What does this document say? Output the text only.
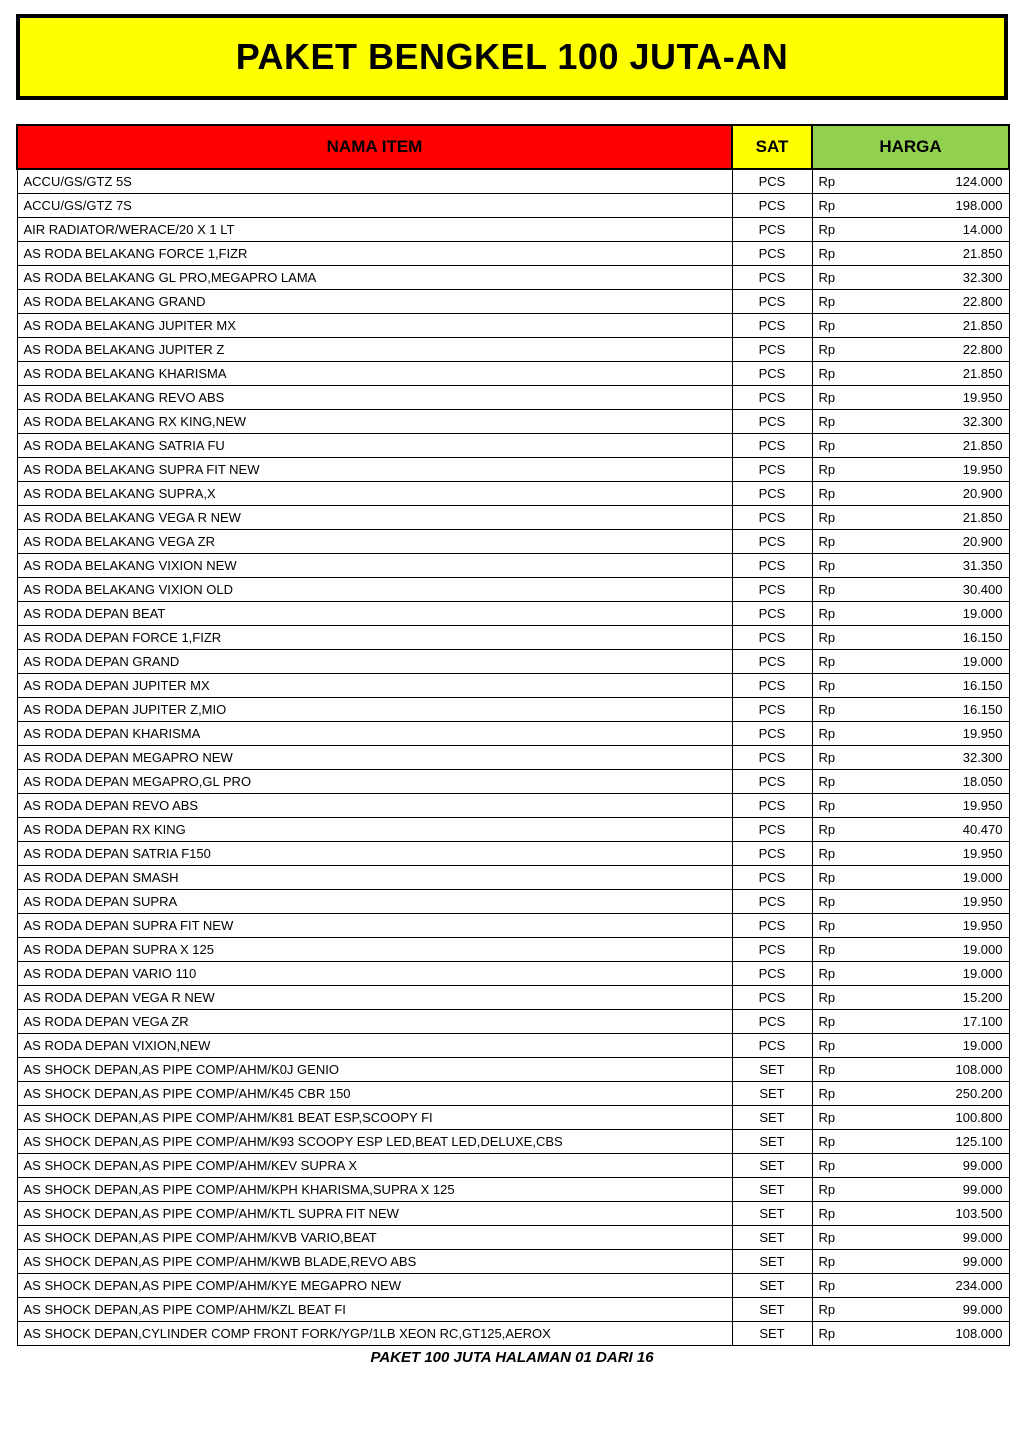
PAKET BENGKEL 100 JUTA-AN
NAMA ITEM	SAT	HARGA
ACCU/GS/GTZ 5S	PCS	Rp 124.000

ACCU/GS/GTZ 7S	PCS	Rp 198.000

AIR RADIATOR/WERACE/20 X 1 LT	PCS	Rp 14.000

AS RODA BELAKANG FORCE 1,FIZR	PCS	Rp 21.850

AS RODA BELAKANG GL PRO,MEGAPRO LAMA	PCS	Rp 32.300

AS RODA BELAKANG GRAND	PCS	Rp 22.800

AS RODA BELAKANG JUPITER MX	PCS	Rp 21.850

AS RODA BELAKANG JUPITER Z	PCS	Rp 22.800

AS RODA BELAKANG KHARISMA	PCS	Rp 21.850

AS RODA BELAKANG REVO ABS	PCS	Rp 19.950

AS RODA BELAKANG RX KING,NEW	PCS	Rp 32.300

AS RODA BELAKANG SATRIA FU	PCS	Rp 21.850

AS RODA BELAKANG SUPRA FIT NEW	PCS	Rp 19.950

AS RODA BELAKANG SUPRA,X	PCS	Rp 20.900

AS RODA BELAKANG VEGA R NEW	PCS	Rp 21.850

AS RODA BELAKANG VEGA ZR	PCS	Rp 20.900

AS RODA BELAKANG VIXION NEW	PCS	Rp 31.350

AS RODA BELAKANG VIXION OLD	PCS	Rp 30.400

AS RODA DEPAN BEAT	PCS	Rp 19.000

AS RODA DEPAN FORCE 1,FIZR	PCS	Rp 16.150

AS RODA DEPAN GRAND	PCS	Rp 19.000

AS RODA DEPAN JUPITER MX	PCS	Rp 16.150

AS RODA DEPAN JUPITER Z,MIO	PCS	Rp 16.150

AS RODA DEPAN KHARISMA	PCS	Rp 19.950

AS RODA DEPAN MEGAPRO NEW	PCS	Rp 32.300

AS RODA DEPAN MEGAPRO,GL PRO	PCS	Rp 18.050

AS RODA DEPAN REVO ABS	PCS	Rp 19.950

AS RODA DEPAN RX KING	PCS	Rp 40.470

AS RODA DEPAN SATRIA F150	PCS	Rp 19.950

AS RODA DEPAN SMASH	PCS	Rp 19.000

AS RODA DEPAN SUPRA	PCS	Rp 19.950

AS RODA DEPAN SUPRA FIT NEW	PCS	Rp 19.950

AS RODA DEPAN SUPRA X 125	PCS	Rp 19.000

AS RODA DEPAN VARIO 110	PCS	Rp 19.000

AS RODA DEPAN VEGA R NEW	PCS	Rp 15.200

AS RODA DEPAN VEGA ZR	PCS	Rp 17.100

AS RODA DEPAN VIXION,NEW	PCS	Rp 19.000

AS SHOCK DEPAN,AS PIPE COMP/AHM/K0J GENIO	SET	Rp 108.000

AS SHOCK DEPAN,AS PIPE COMP/AHM/K45 CBR 150	SET	Rp 250.200

AS SHOCK DEPAN,AS PIPE COMP/AHM/K81 BEAT ESP,SCOOPY FI	SET	Rp 100.800

AS SHOCK DEPAN,AS PIPE COMP/AHM/K93 SCOOPY ESP LED,BEAT LED,DELUXE,CBS	SET	Rp 125.100

AS SHOCK DEPAN,AS PIPE COMP/AHM/KEV SUPRA X	SET	Rp 99.000

AS SHOCK DEPAN,AS PIPE COMP/AHM/KPH KHARISMA,SUPRA X 125	SET	Rp 99.000

AS SHOCK DEPAN,AS PIPE COMP/AHM/KTL SUPRA FIT NEW	SET	Rp 103.500

AS SHOCK DEPAN,AS PIPE COMP/AHM/KVB VARIO,BEAT	SET	Rp 99.000

AS SHOCK DEPAN,AS PIPE COMP/AHM/KWB BLADE,REVO ABS	SET	Rp 99.000

AS SHOCK DEPAN,AS PIPE COMP/AHM/KYE MEGAPRO NEW	SET	Rp 234.000

AS SHOCK DEPAN,AS PIPE COMP/AHM/KZL BEAT FI	SET	Rp 99.000

AS SHOCK DEPAN,CYLINDER COMP FRONT FORK/YGP/1LB XEON RC,GT125,AEROX	SET	Rp 108.000
PAKET 100 JUTA HALAMAN 01 DARI 16
